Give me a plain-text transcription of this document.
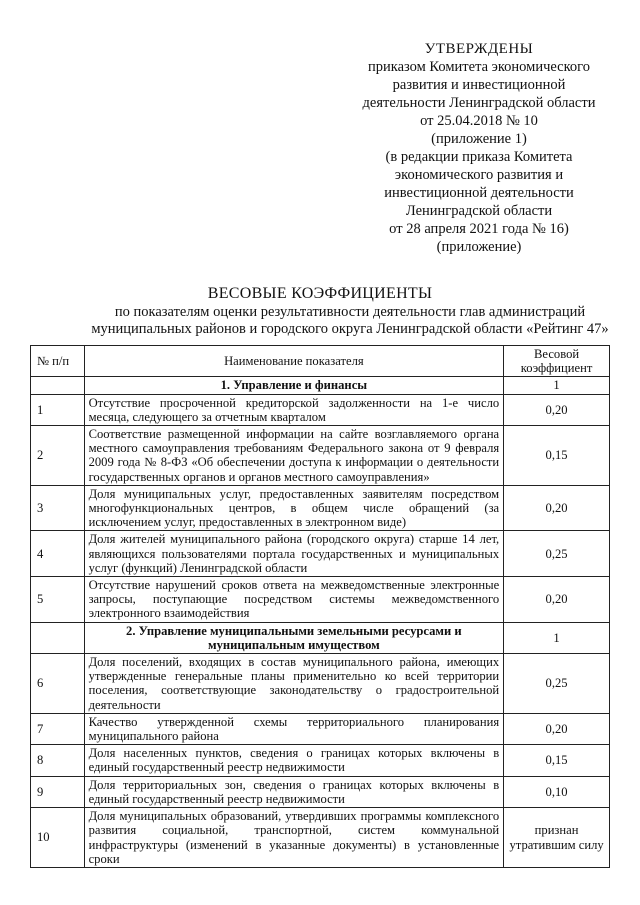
УТВЕРЖДЕНЫ
приказом Комитета экономического
развития и инвестиционной
деятельности Ленинградской области
от 25.04.2018 № 10
(приложение 1)
(в редакции приказа Комитета
экономического развития и
инвестиционной деятельности
Ленинградской области
от 28 апреля 2021 года № 16)
(приложение)
ВЕСОВЫЕ КОЭФФИЦИЕНТЫ
по показателям оценки результативности деятельности глав администраций
муниципальных районов и городского округа Ленинградской области «Рейтинг 47»
№ п/п	Наименование показателя	Весовой коэффициент
	1. Управление и финансы	1
1	Отсутствие просроченной кредиторской задолженности на 1-е число месяца, следующего за отчетным кварталом	0,20
2	Соответствие размещенной информации на сайте возглавляемого органа местного самоуправления требованиям Федерального закона от 9 февраля 2009 года № 8-ФЗ «Об обеспечении доступа к информации о деятельности государственных органов и органов местного самоуправления»	0,15
3	Доля муниципальных услуг, предоставленных заявителям посредством многофункциональных центров, в общем числе обращений (за исключением услуг, предоставленных в электронном виде)	0,20
4	Доля жителей муниципального района (городского округа) старше 14 лет, являющихся пользователями портала государственных и муниципальных услуг (функций) Ленинградской области	0,25
5	Отсутствие нарушений сроков ответа на межведомственные электронные запросы, поступающие посредством системы межведомственного электронного взаимодействия	0,20
	2. Управление муниципальными земельными ресурсами и муниципальным имуществом	1
6	Доля поселений, входящих в состав муниципального района, имеющих утвержденные генеральные планы применительно ко всей территории поселения, соответствующие законодательству о градостроительной деятельности	0,25
7	Качество утвержденной схемы территориального планирования муниципального района	0,20
8	Доля населенных пунктов, сведения о границах которых включены в единый государственный реестр недвижимости	0,15
9	Доля территориальных зон, сведения о границах которых включены в единый государственный реестр недвижимости	0,10
10	Доля муниципальных образований, утвердивших программы комплексного развития социальной, транспортной, систем коммунальной инфраструктуры (изменений в указанные документы) в установленные сроки	признан утратившим силу
